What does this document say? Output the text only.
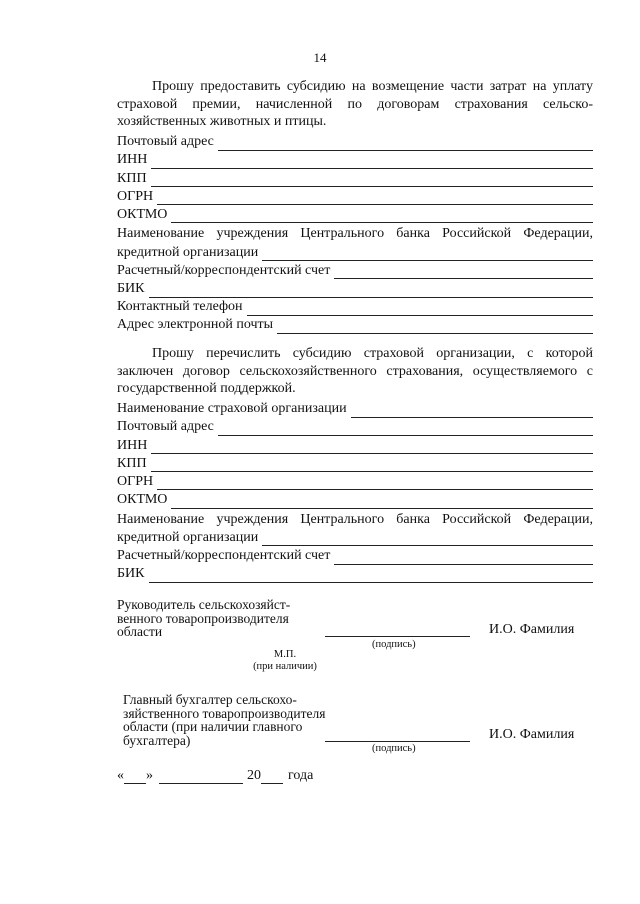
14

Прошу предоставить субсидию на возмещение части затрат на уплату страховой премии, начисленной по договорам страхования сельскохозяйственных животных и птицы.

Почтовый адрес
ИНН
КПП
ОГРН
ОКТМО

Наименование учреждения Центрального банка Российской Федерации,

кредитной организации
Расчетный/корреспондентский счет
БИК
Контактный телефон
Адрес электронной почты

Прошу перечислить субсидию страховой организации, с которой заключен договор сельскохозяйственного страхования, осуществляемого с государственной поддержкой.

Наименование страховой организации
Почтовый адрес
ИНН
КПП
ОГРН
ОКТМО

Наименование учреждения Центрального банка Российской Федерации,

кредитной организации
Расчетный/корреспондентский счет
БИК
Руководитель сельскохозяйст-
венного товаропроизводителя
области
(подпись)
И.О. Фамилия
М.П.
(при наличии)
Главный бухгалтер сельскохо-
зяйственного товаропроизводителя
области (при наличии главного
бухгалтера)
(подпись)
И.О. Фамилия
« »	20 года
